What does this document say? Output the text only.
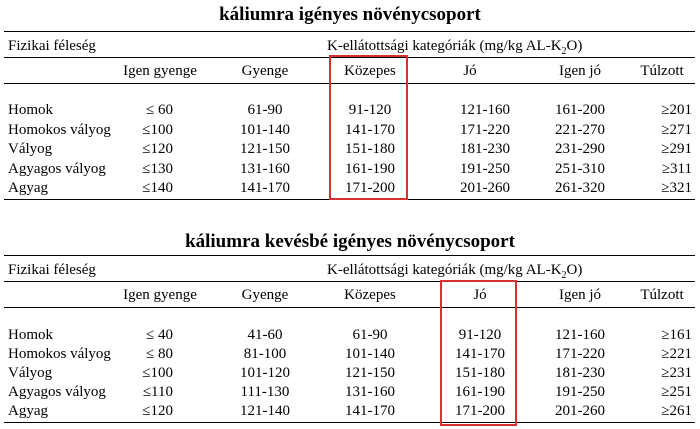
káliumra igényes növénycsoport
Fizikai féleség	K-ellátottsági kategóriák (mg/kg $AL-K_2O$)
Igen gyenge	Gyenge	Közepes	Jó	Igen jó	Túlzott
Homok	≤ 60	61-90	91-120	121-160	161-200	≥201
Homokos vályog	≤100	101-140	141-170	171-220	221-270	≥271
Vályog	≤120	121-150	151-180	181-230	231-290	≥291
Agyagos vályog	≤130	131-160	161-190	191-250	251-310	≥311
Agyag	≤140	141-170	171-200	201-260	261-320	≥321
káliumra kevésbé igényes növénycsoport
Fizikai féleség	K-ellátottsági kategóriák (mg/kg $AL-K_2O$)
Igen gyenge	Gyenge	Közepes	Jó	Igen jó	Túlzott
Homok	≤ 40	41-60	61-90	91-120	121-160	≥161
Homokos vályog	≤ 80	81-100	101-140	141-170	171-220	≥221
Vályog	≤100	101-120	121-150	151-180	181-230	≥231
Agyagos vályog	≤110	111-130	131-160	161-190	191-250	≥251
Agyag	≤120	121-140	141-170	171-200	201-260	≥261
